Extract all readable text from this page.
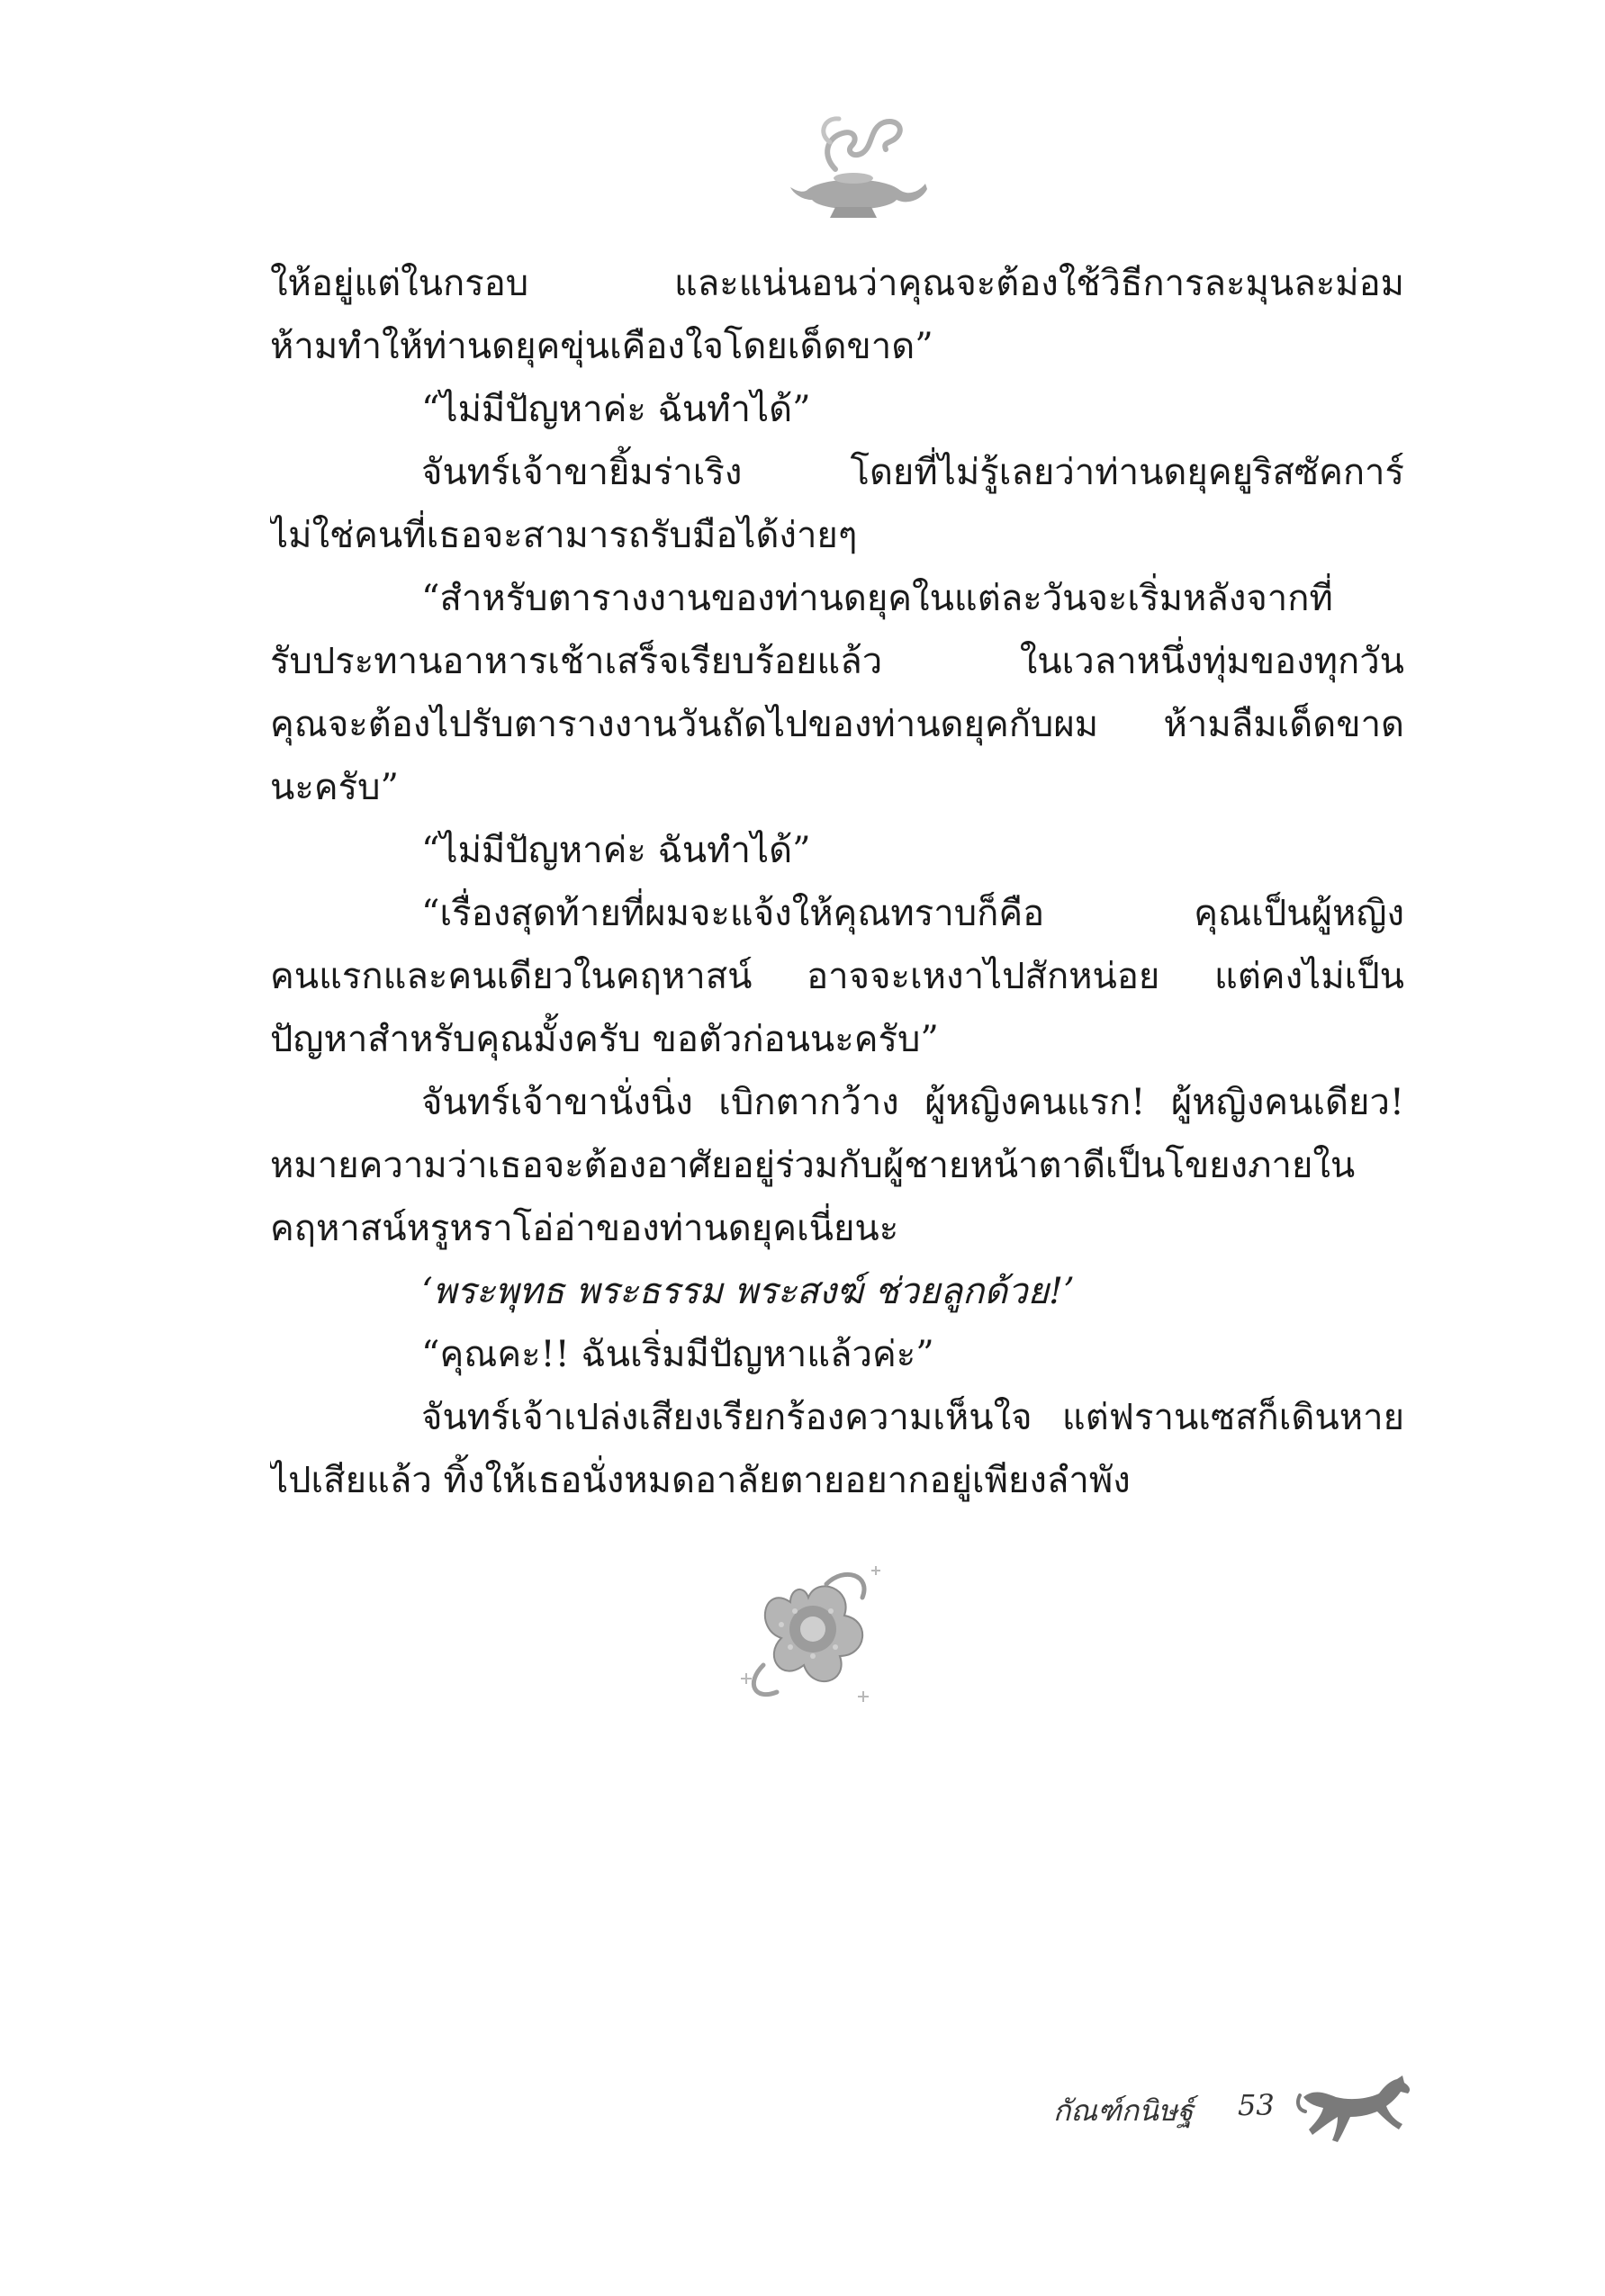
ให้อยู่แต่ในกรอบ และแน่นอนว่าคุณจะต้องใช้วิธีการละมุนละม่อม
ห้ามทำให้ท่านดยุคขุ่นเคืองใจโดยเด็ดขาด”
“ไม่มีปัญหาค่ะ ฉันทำได้”
จันทร์เจ้าขายิ้มร่าเริง โดยที่ไม่รู้เลยว่าท่านดยุคยูริสซัคการ์
ไม่ใช่คนที่เธอจะสามารถรับมือได้ง่ายๆ
“สำหรับตารางงานของท่านดยุคในแต่ละวันจะเริ่มหลังจากที่
รับประทานอาหารเช้าเสร็จเรียบร้อยแล้ว ในเวลาหนึ่งทุ่มของทุกวัน
คุณจะต้องไปรับตารางงานวันถัดไปของท่านดยุคกับผม ห้ามลืมเด็ดขาด
นะครับ”
“ไม่มีปัญหาค่ะ ฉันทำได้”
“เรื่องสุดท้ายที่ผมจะแจ้งให้คุณทราบก็คือ คุณเป็นผู้หญิง
คนแรกและคนเดียวในคฤหาสน์ อาจจะเหงาไปสักหน่อย แต่คงไม่เป็น
ปัญหาสำหรับคุณมั้งครับ ขอตัวก่อนนะครับ”
จันทร์เจ้าขานั่งนิ่ง เบิกตากว้าง ผู้หญิงคนแรก! ผู้หญิงคนเดียว!
หมายความว่าเธอจะต้องอาศัยอยู่ร่วมกับผู้ชายหน้าตาดีเป็นโขยงภายใน
คฤหาสน์หรูหราโอ่อ่าของท่านดยุคเนี่ยนะ
‘พระพุทธ พระธรรม พระสงฆ์ ช่วยลูกด้วย!’
“คุณคะ!! ฉันเริ่มมีปัญหาแล้วค่ะ”
จันทร์เจ้าเปล่งเสียงเรียกร้องความเห็นใจ แต่ฟรานเซสก็เดินหาย
ไปเสียแล้ว ทิ้งให้เธอนั่งหมดอาลัยตายอยากอยู่เพียงลำพัง
กัณฑ์กนิษฐ์ 53
